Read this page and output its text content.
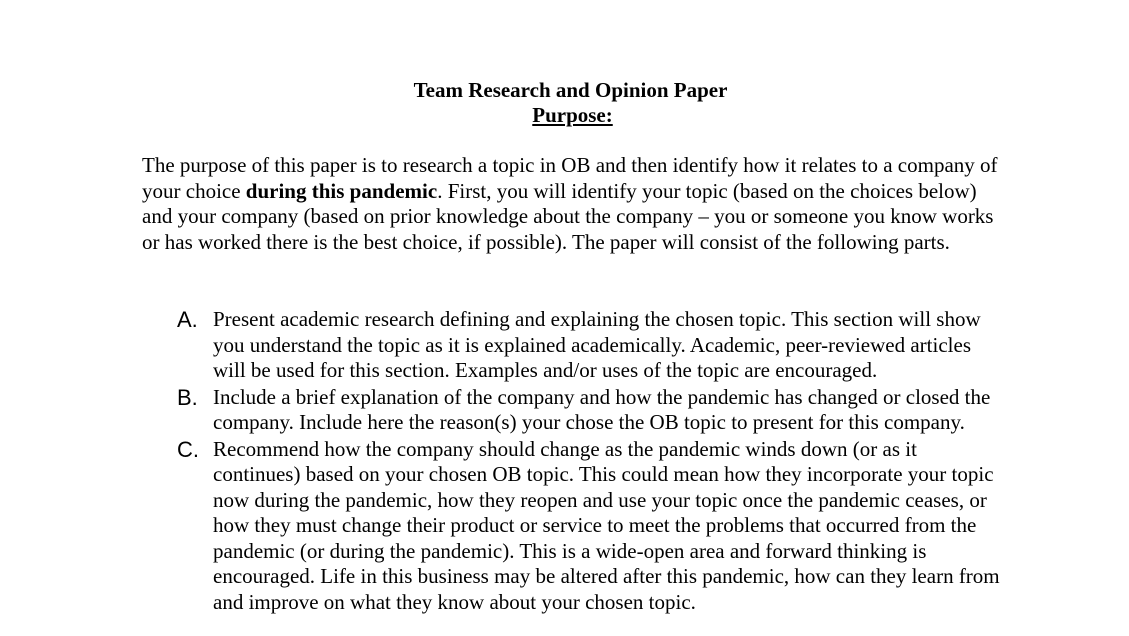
Team Research and Opinion Paper
Purpose:

The purpose of this paper is to research a topic in OB and then identify how it relates to a company of your choice during this pandemic. First, you will identify your topic (based on the choices below) and your company (based on prior knowledge about the company – you or someone you know works or has worked there is the best choice, if possible). The paper will consist of the following parts.

A. Present academic research defining and explaining the chosen topic. This section will show you understand the topic as it is explained academically. Academic, peer-reviewed articles will be used for this section. Examples and/or uses of the topic are encouraged.
B. Include a brief explanation of the company and how the pandemic has changed or closed the company. Include here the reason(s) your chose the OB topic to present for this company.
C. Recommend how the company should change as the pandemic winds down (or as it continues) based on your chosen OB topic. This could mean how they incorporate your topic now during the pandemic, how they reopen and use your topic once the pandemic ceases, or how they must change their product or service to meet the problems that occurred from the pandemic (or during the pandemic). This is a wide-open area and forward thinking is encouraged. Life in this business may be altered after this pandemic, how can they learn from and improve on what they know about your chosen topic.
